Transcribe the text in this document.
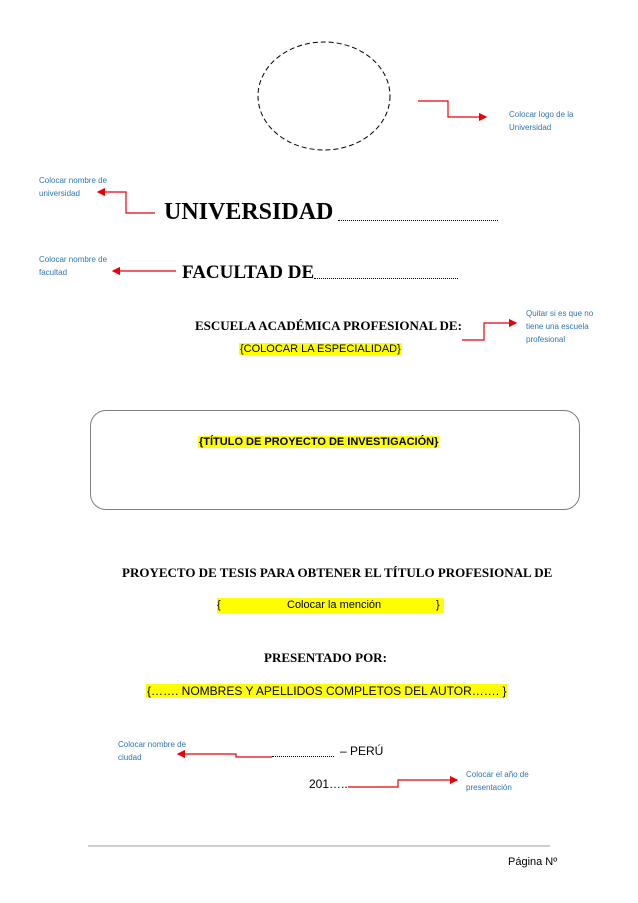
Colocar logo de la Universidad
Colocar nombre de universidad
UNIVERSIDAD
Colocar nombre de facultad	FACULTAD DE
ESCUELA ACADÉMICA PROFESIONAL DE:
{COLOCAR LA ESPECIALIDAD}
Quitar si es que no tiene una escuela profesional
{TÍTULO DE PROYECTO DE INVESTIGACIÓN}
PROYECTO DE TESIS PARA OBTENER EL TÍTULO PROFESIONAL DE
{	Colocar la mención	}
PRESENTADO POR:
{……. NOMBRES Y APELLIDOS COMPLETOS DEL AUTOR……. }
Colocar nombre de ciudad	– PERÚ
201…..
Colocar el año de presentación
Página Nº
